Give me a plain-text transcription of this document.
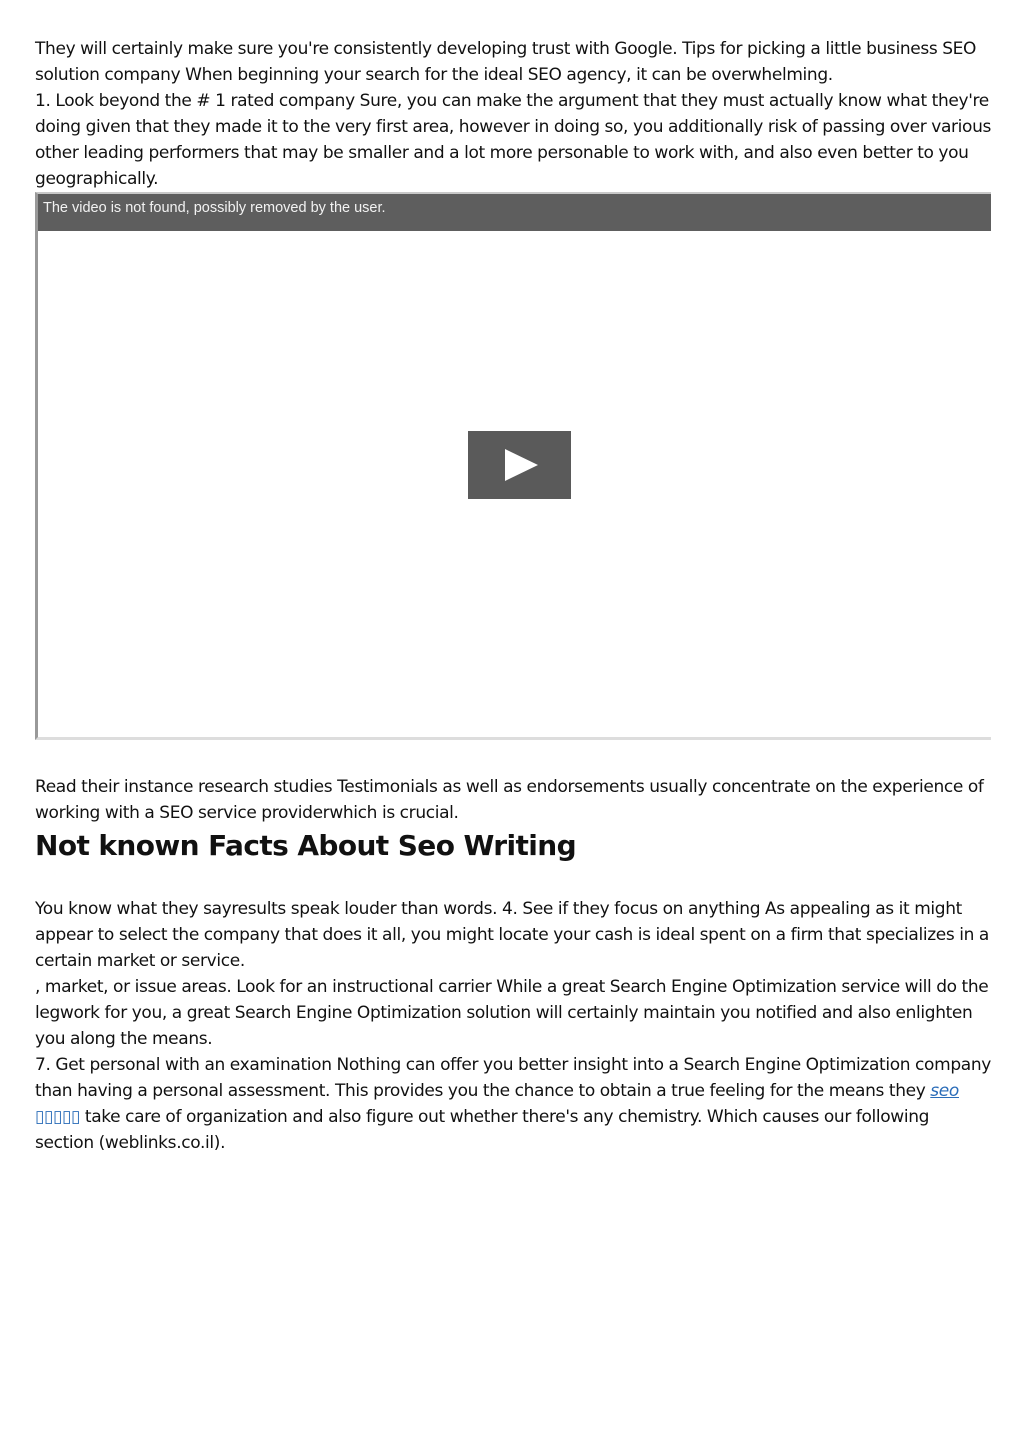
They will certainly make sure you're consistently developing trust with Google. Tips for picking a little business SEO solution company When beginning your search for the ideal SEO agency, it can be overwhelming.

1. Look beyond the # 1 rated company Sure, you can make the argument that they must actually know what they're doing given that they made it to the very first area, however in doing so, you additionally risk of passing over various other leading performers that may be smaller and a lot more personable to work with, and also even better to you geographically.

The video is not found, possibly removed by the user.

Read their instance research studies Testimonials as well as endorsements usually concentrate on the experience of working with a SEO service providerwhich is crucial.

Not known Facts About Seo Writing

You know what they sayresults speak louder than words. 4. See if they focus on anything As appealing as it might appear to select the company that does it all, you might locate your cash is ideal spent on a firm that specializes in a certain market or service.

, market, or issue areas. Look for an instructional carrier While a great Search Engine Optimization service will do the legwork for you, a great Search Engine Optimization solution will certainly maintain you notified and also enlighten you along the means.

7. Get personal with an examination Nothing can offer you better insight into a Search Engine Optimization company than having a personal assessment. This provides you the chance to obtain a true feeling for the means they seo ▯▯▯▯▯ take care of organization and also figure out whether there's any chemistry. Which causes our following section (weblinks.co.il).
